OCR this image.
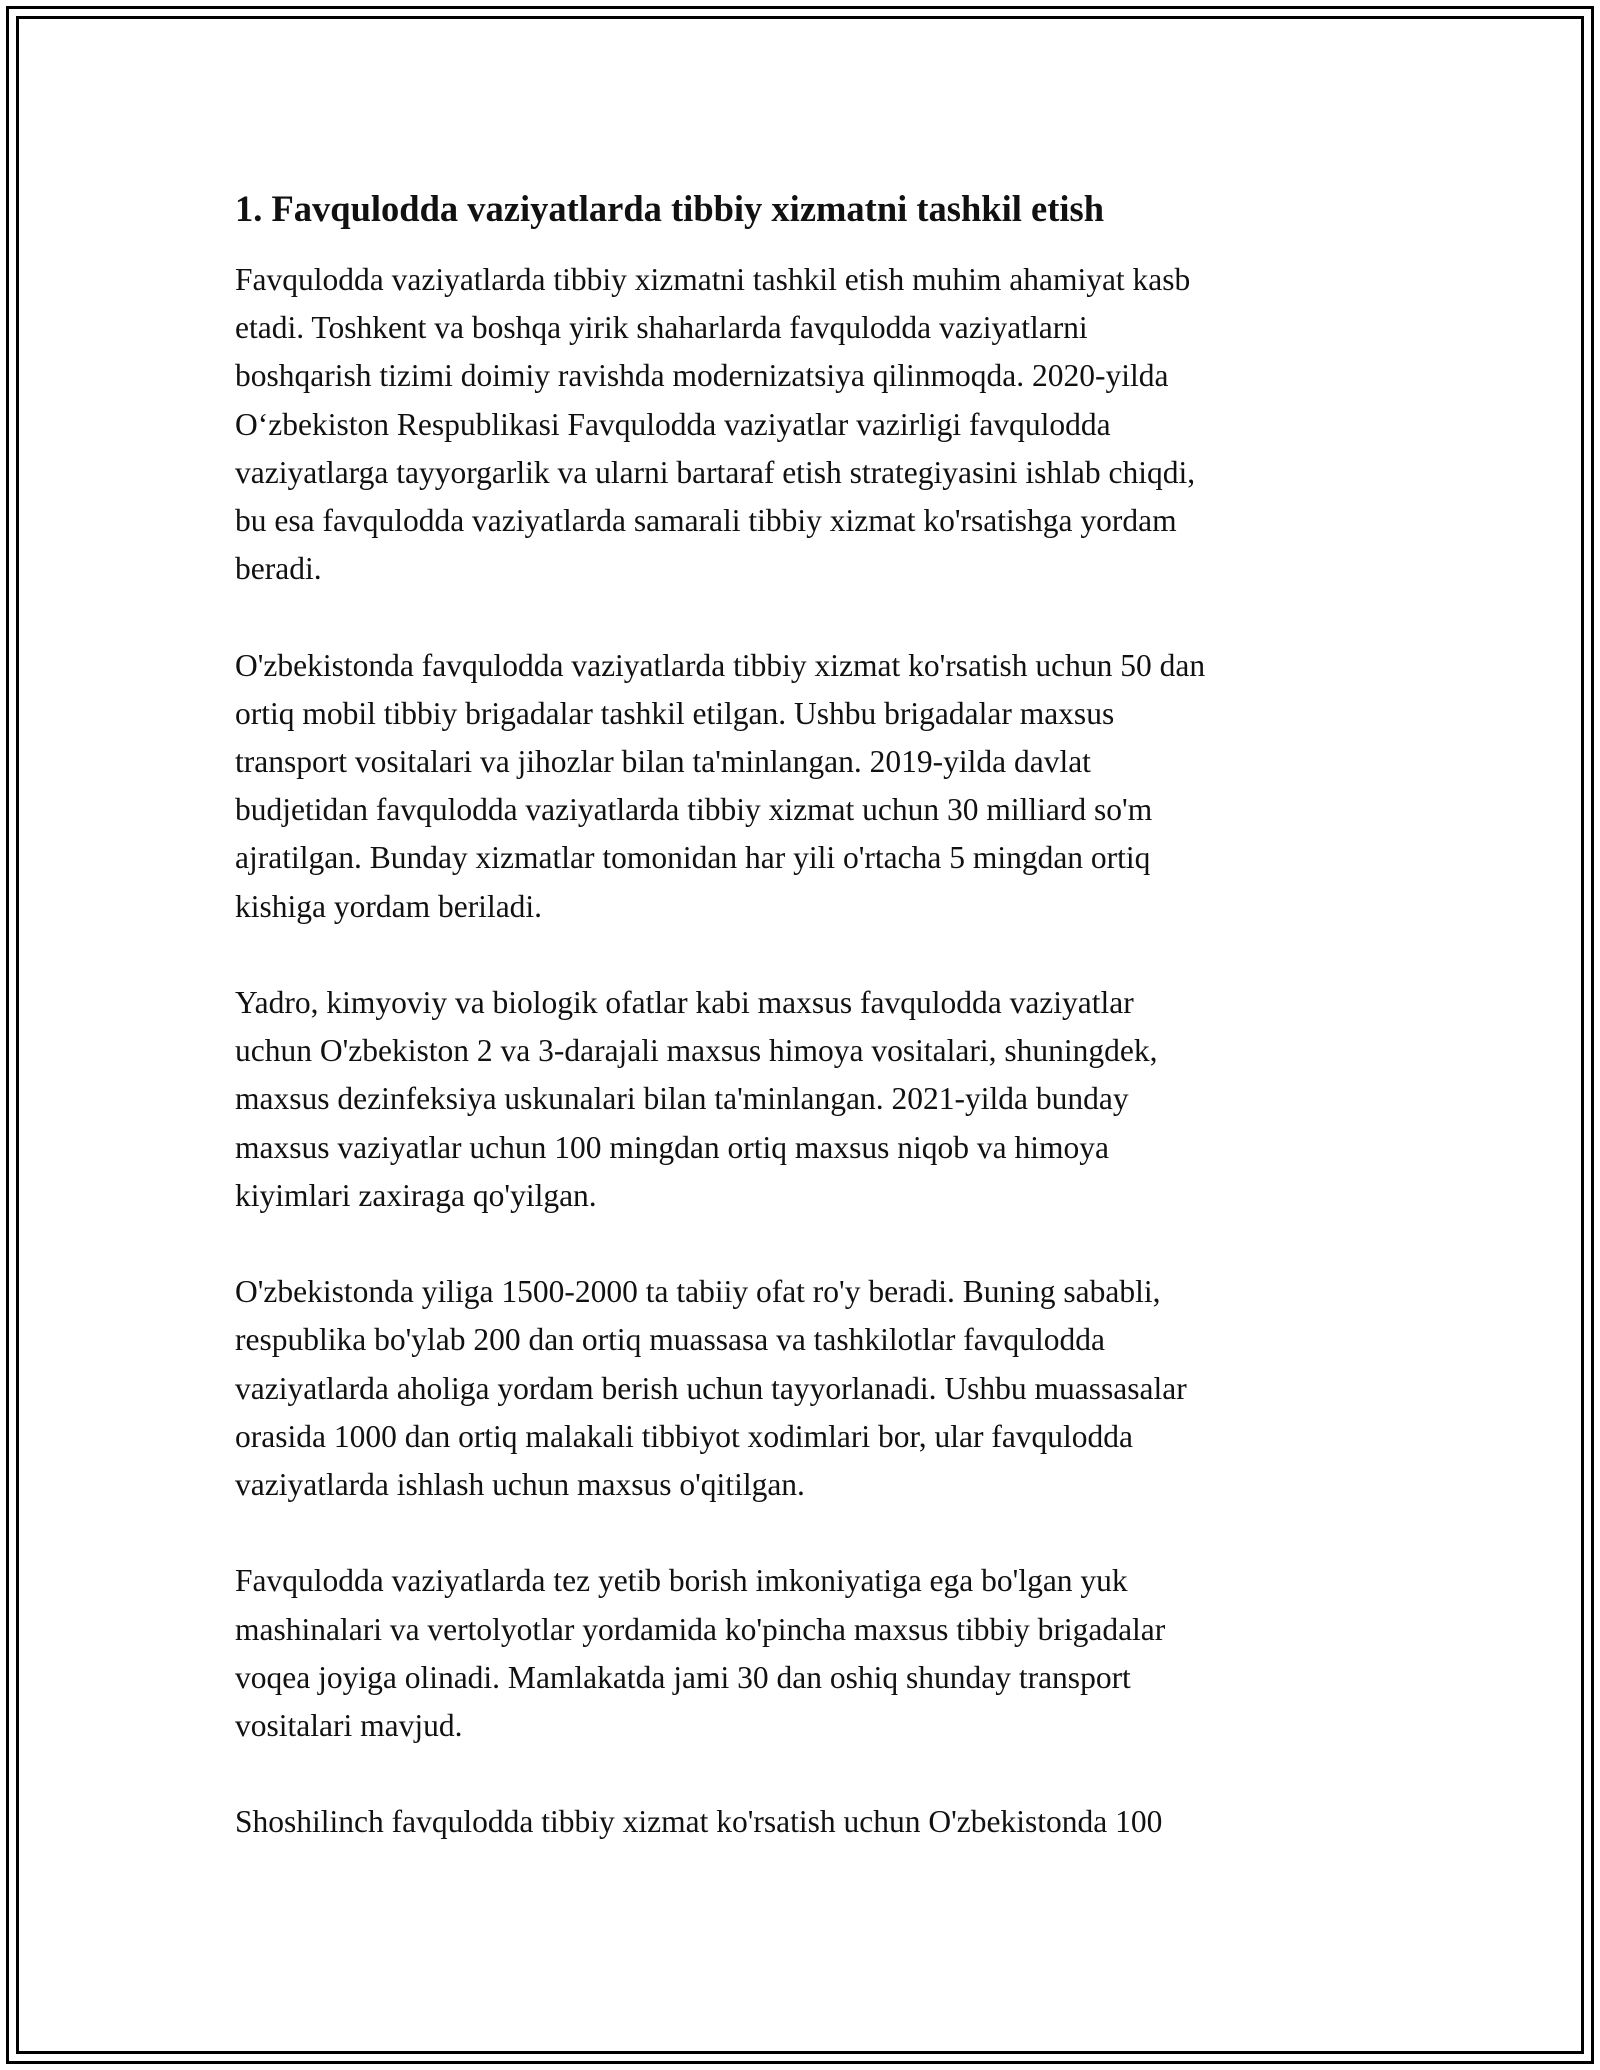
1. Favqulodda vaziyatlarda tibbiy xizmatni tashkil etish

Favqulodda vaziyatlarda tibbiy xizmatni tashkil etish muhim ahamiyat kasb
etadi. Toshkent va boshqa yirik shaharlarda favqulodda vaziyatlarni
boshqarish tizimi doimiy ravishda modernizatsiya qilinmoqda. 2020-yilda
O‘zbekiston Respublikasi Favqulodda vaziyatlar vazirligi favqulodda
vaziyatlarga tayyorgarlik va ularni bartaraf etish strategiyasini ishlab chiqdi,
bu esa favqulodda vaziyatlarda samarali tibbiy xizmat ko'rsatishga yordam
beradi.

O'zbekistonda favqulodda vaziyatlarda tibbiy xizmat ko'rsatish uchun 50 dan
ortiq mobil tibbiy brigadalar tashkil etilgan. Ushbu brigadalar maxsus
transport vositalari va jihozlar bilan ta'minlangan. 2019-yilda davlat
budjetidan favqulodda vaziyatlarda tibbiy xizmat uchun 30 milliard so'm
ajratilgan. Bunday xizmatlar tomonidan har yili o'rtacha 5 mingdan ortiq
kishiga yordam beriladi.

Yadro, kimyoviy va biologik ofatlar kabi maxsus favqulodda vaziyatlar
uchun O'zbekiston 2 va 3-darajali maxsus himoya vositalari, shuningdek,
maxsus dezinfeksiya uskunalari bilan ta'minlangan. 2021-yilda bunday
maxsus vaziyatlar uchun 100 mingdan ortiq maxsus niqob va himoya
kiyimlari zaxiraga qo'yilgan.

O'zbekistonda yiliga 1500-2000 ta tabiiy ofat ro'y beradi. Buning sababli,
respublika bo'ylab 200 dan ortiq muassasa va tashkilotlar favqulodda
vaziyatlarda aholiga yordam berish uchun tayyorlanadi. Ushbu muassasalar
orasida 1000 dan ortiq malakali tibbiyot xodimlari bor, ular favqulodda
vaziyatlarda ishlash uchun maxsus o'qitilgan.

Favqulodda vaziyatlarda tez yetib borish imkoniyatiga ega bo'lgan yuk
mashinalari va vertolyotlar yordamida ko'pincha maxsus tibbiy brigadalar
voqea joyiga olinadi. Mamlakatda jami 30 dan oshiq shunday transport
vositalari mavjud.

Shoshilinch favqulodda tibbiy xizmat ko'rsatish uchun O'zbekistonda 100
